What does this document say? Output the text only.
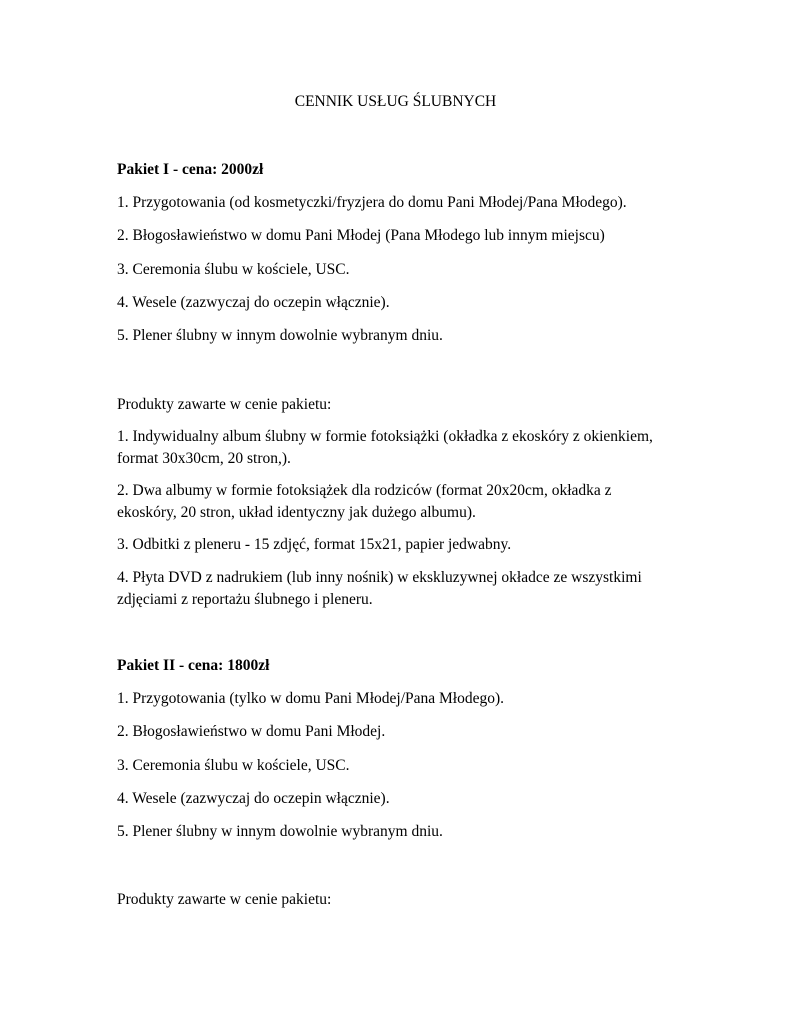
CENNIK USŁUG ŚLUBNYCH
Pakiet I - cena: 2000zł
1. Przygotowania (od kosmetyczki/fryzjera do domu Pani Młodej/Pana Młodego).
2. Błogosławieństwo w domu Pani Młodej (Pana Młodego lub innym miejscu)
3. Ceremonia ślubu w kościele, USC.
4. Wesele (zazwyczaj do oczepin włącznie).
5. Plener ślubny w innym dowolnie wybranym dniu.
Produkty zawarte w cenie pakietu:
1. Indywidualny album ślubny w formie fotoksiążki (okładka z ekoskóry z okienkiem, format 30x30cm, 20 stron,).
2. Dwa albumy w formie fotoksiążek dla rodziców (format 20x20cm, okładka z ekoskóry, 20 stron, układ identyczny jak dużego albumu).
3. Odbitki z pleneru - 15 zdjęć, format 15x21, papier jedwabny.
4. Płyta DVD z nadrukiem (lub inny nośnik) w ekskluzywnej okładce ze wszystkimi zdjęciami z reportażu ślubnego i pleneru.
Pakiet II - cena: 1800zł
1. Przygotowania (tylko w domu Pani Młodej/Pana Młodego).
2. Błogosławieństwo w domu Pani Młodej.
3. Ceremonia ślubu w kościele, USC.
4. Wesele (zazwyczaj do oczepin włącznie).
5. Plener ślubny w innym dowolnie wybranym dniu.
Produkty zawarte w cenie pakietu:
